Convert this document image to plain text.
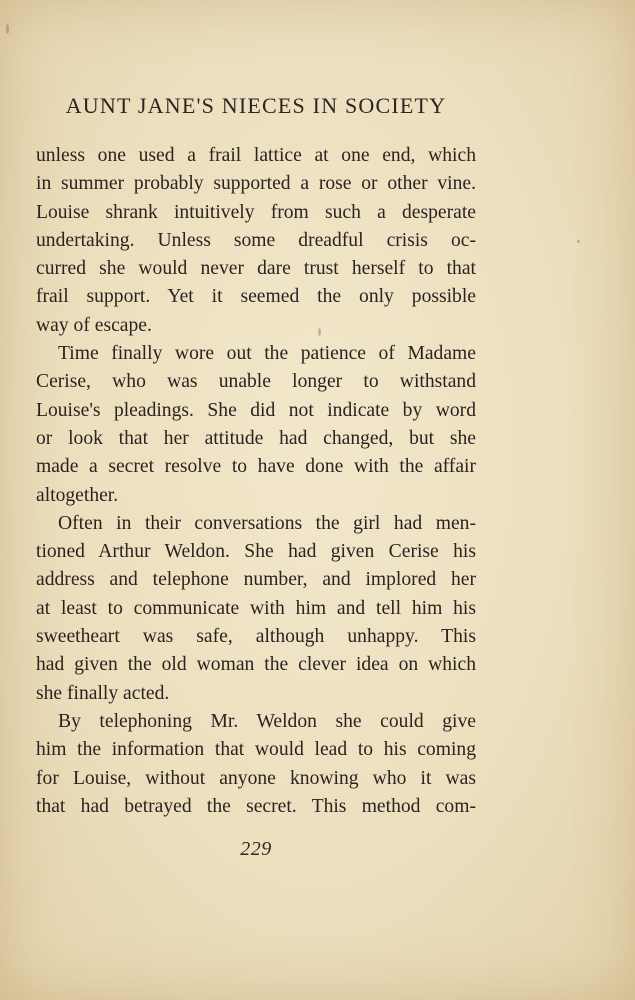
AUNT JANE'S NIECES IN SOCIETY
unless one used a frail lattice at one end, which
in summer probably supported a rose or other vine.
Louise shrank intuitively from such a desperate
undertaking. Unless some dreadful crisis oc-
curred she would never dare trust herself to that
frail support. Yet it seemed the only possible
way of escape.
Time finally wore out the patience of Madame
Cerise, who was unable longer to withstand
Louise's pleadings. She did not indicate by word
or look that her attitude had changed, but she
made a secret resolve to have done with the affair
altogether.
Often in their conversations the girl had men-
tioned Arthur Weldon. She had given Cerise his
address and telephone number, and implored her
at least to communicate with him and tell him his
sweetheart was safe, although unhappy. This
had given the old woman the clever idea on which
she finally acted.
By telephoning Mr. Weldon she could give
him the information that would lead to his coming
for Louise, without anyone knowing who it was
that had betrayed the secret. This method com-
229
